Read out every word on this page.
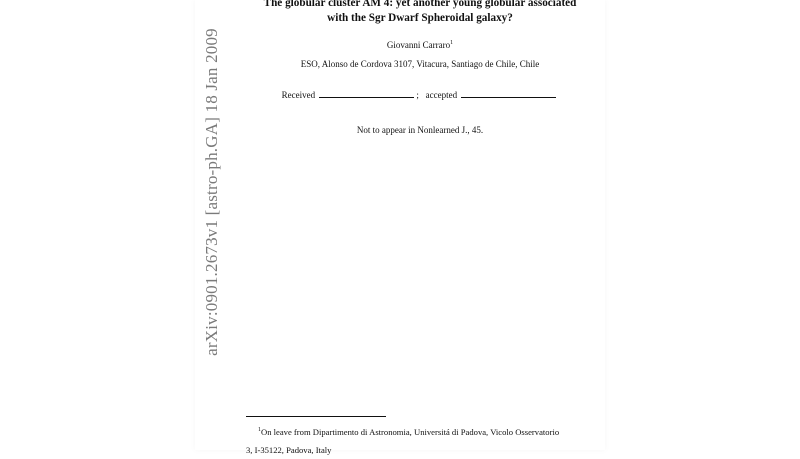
arXiv:0901.2673v1 [astro-ph.GA] 18 Jan 2009
The globular cluster AM 4: yet another young globular associated
with the Sgr Dwarf Spheroidal galaxy?
Giovanni Carraro$^1$
ESO, Alonso de Cordova 3107, Vitacura, Santiago de Chile, Chile
Received	; accepted
Not to appear in Nonlearned J., 45.
$^1$On leave from Dipartimento di Astronomia, Universitá di Padova, Vicolo Osservatorio
3, I-35122, Padova, Italy
